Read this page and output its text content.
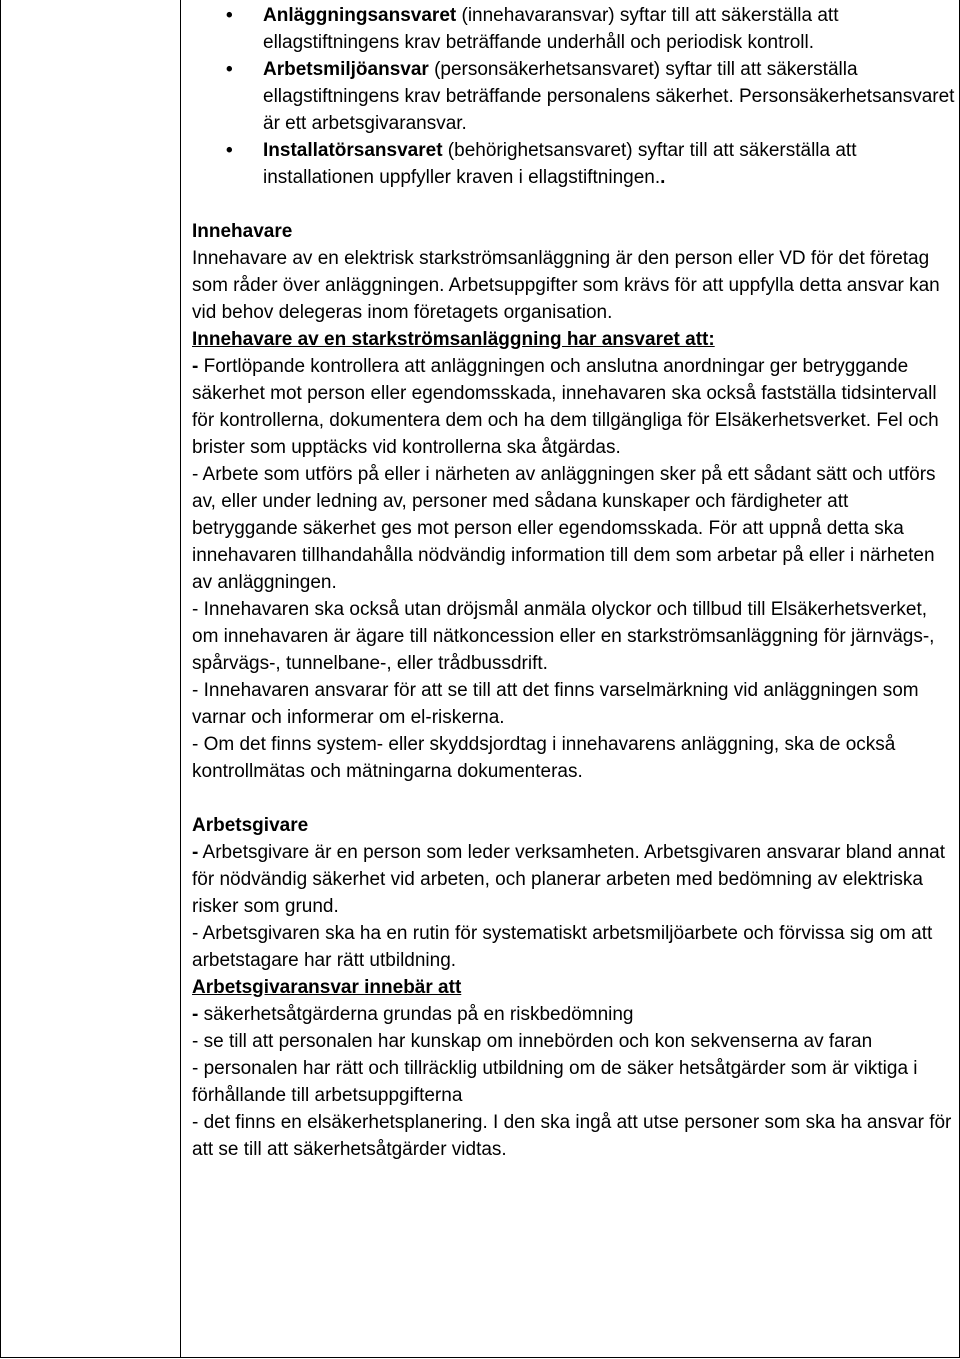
• Anläggningsansvaret (innehavaransvar) syftar till att säkerställa att ellagstiftningens krav beträffande underhåll och periodisk kontroll.
• Arbetsmiljöansvar (personsäkerhetsansvaret) syftar till att säkerställa ellagstiftningens krav beträffande personalens säkerhet. Personsäkerhetsansvaret är ett arbetsgivaransvar.
• Installatörsansvaret (behörighetsansvaret) syftar till att säkerställa att installationen uppfyller kraven i ellagstiftningen..

Innehavare

Innehavare av en elektrisk starkströmsanläggning är den person eller VD för det företag som råder över anläggningen. Arbetsuppgifter som krävs för att uppfylla detta ansvar kan vid behov delegeras inom företagets organisation.

Innehavare av en starkströmsanläggning har ansvaret att:

- Fortlöpande kontrollera att anläggningen och anslutna anordningar ger betryggande säkerhet mot person eller egendomsskada, innehavaren ska också fastställa tidsintervall för kontrollerna, dokumentera dem och ha dem tillgängliga för Elsäkerhetsverket. Fel och brister som upptäcks vid kontrollerna ska åtgärdas.

- Arbete som utförs på eller i närheten av anläggningen sker på ett sådant sätt och utförs av, eller under ledning av, personer med sådana kunskaper och färdigheter att betryggande säkerhet ges mot person eller egendomsskada. För att uppnå detta ska innehavaren tillhandahålla nödvändig information till dem som arbetar på eller i närheten av anläggningen.

- Innehavaren ska också utan dröjsmål anmäla olyckor och tillbud till Elsäkerhetsverket, om innehavaren är ägare till nätkoncession eller en starkströmsanläggning för järnvägs-, spårvägs-, tunnelbane-, eller trådbussdrift.

- Innehavaren ansvarar för att se till att det finns varselmärkning vid anläggningen som varnar och informerar om el-riskerna.

- Om det finns system- eller skyddsjordtag i innehavarens anläggning, ska de också kontrollmätas och mätningarna dokumenteras.

Arbetsgivare

- Arbetsgivare är en person som leder verksamheten. Arbetsgivaren ansvarar bland annat för nödvändig säkerhet vid arbeten, och planerar arbeten med bedömning av elektriska risker som grund.

- Arbetsgivaren ska ha en rutin för systematiskt arbetsmiljöarbete och förvissa sig om att arbetstagare har rätt utbildning.

Arbetsgivaransvar innebär att

- säkerhetsåtgärderna grundas på en riskbedömning

- se till att personalen har kunskap om innebörden och kon sekvenserna av faran

- personalen har rätt och tillräcklig utbildning om de säker hetsåtgärder som är viktiga i förhållande till arbetsuppgifterna

- det finns en elsäkerhetsplanering. I den ska ingå att utse personer som ska ha ansvar för att se till att säkerhetsåtgärder vidtas.
